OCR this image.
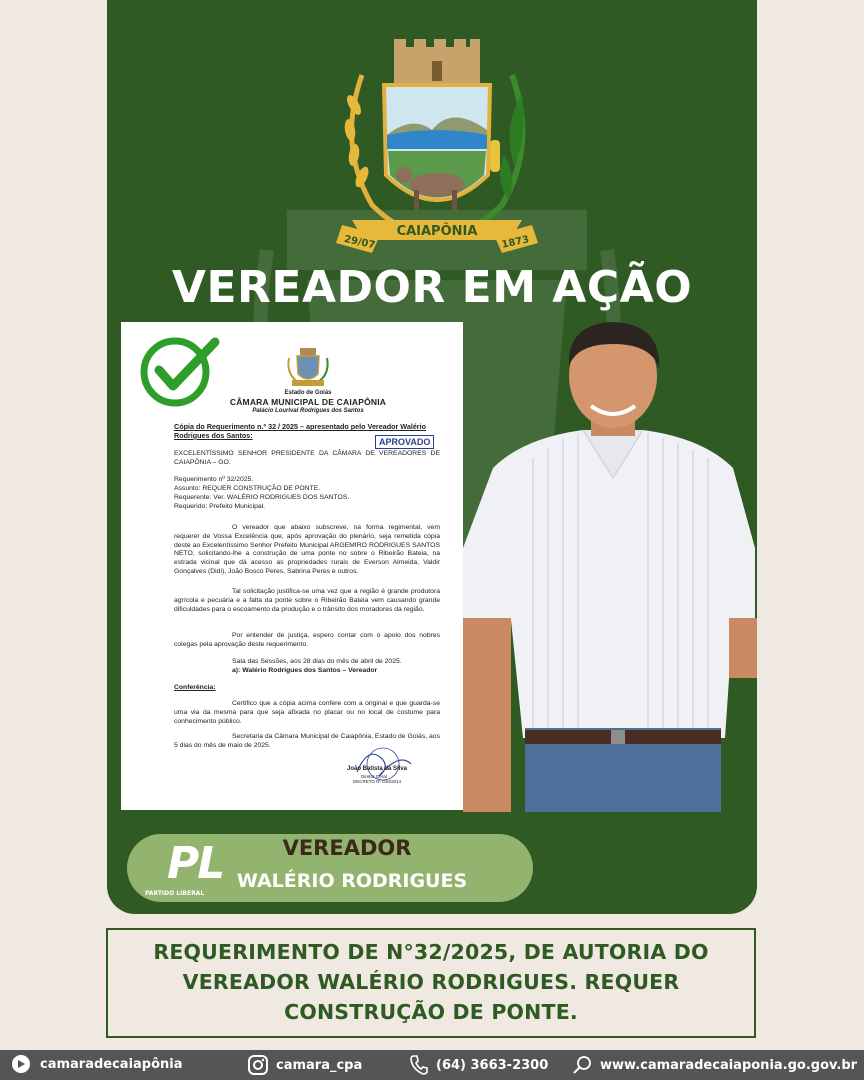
CAIAPÔNIA
29/07	1873
VEREADOR EM AÇÃO
Estado de Goiás
CÂMARA MUNICIPAL DE CAIAPÔNIA
Palácio Lourival Rodrigues dos Santos
Cópia do Requerimento n.º 32 / 2025 – apresentado pelo Vereador Walério Rodrigues dos Santos:
APROVADO
EXCELENTÍSSIMO SENHOR PRESIDENTE DA CÂMARA DE VEREADORES DE CAIAPÔNIA – GO.
Requerimento nº 32/2025.
Assunto: REQUER CONSTRUÇÃO DE PONTE.
Requerente: Ver. WALÉRIO RODRIGUES DOS SANTOS.
Requerido: Prefeito Municipal.
O vereador que abaixo subscreve, na forma regimental, vem requerer de Vossa Excelência que, após aprovação do plenário, seja remetida cópia deste ao Excelentíssimo Senhor Prefeito Municipal ARGEMIRO RODRIGUES SANTOS NETO, solicitando-lhe a construção de uma ponte no sobre o Ribeirão Bateia, na estrada vicinal que dá acesso as propriedades rurais de Everson Almeida, Valdir Gonçalves (Didi), João Bosco Peres, Sabrina Peres e outros.
Tal solicitação justifica-se uma vez que a região é grande produtora agrícola e pecuária e a falta da ponte sobre o Ribeirão Bateia vem causando grande dificuldades para o escoamento da produção e o trânsito dos moradores da região.
Por entender de justiça, espero contar com o apoio dos nobres colegas pela aprovação deste requerimento.
Sala das Sessões, aos 28 dias do mês de abril de 2025.
a): Walério Rodrigues dos Santos – Vereador
Conferência:
Certifico que a cópia acima confere com a original e que guarda-se uma via da mesma para que seja afixada no placar ou no local de costume para conhecimento público.
Secretaria da Câmara Municipal de Caiapônia, Estado de Goiás, aos 5 dias do mês de maio de 2025.
João Batista da Silva
Diretor Geral
DECRETO Nº 010/2014
PL
PARTIDO LIBERAL
VEREADOR
WALÉRIO RODRIGUES
REQUERIMENTO DE N°32/2025, DE AUTORIA DO VEREADOR WALÉRIO RODRIGUES. REQUER CONSTRUÇÃO DE PONTE.
camaradecaiapônia	camara_cpa	(64) 3663-2300	www.camaradecaiaponia.go.gov.br
